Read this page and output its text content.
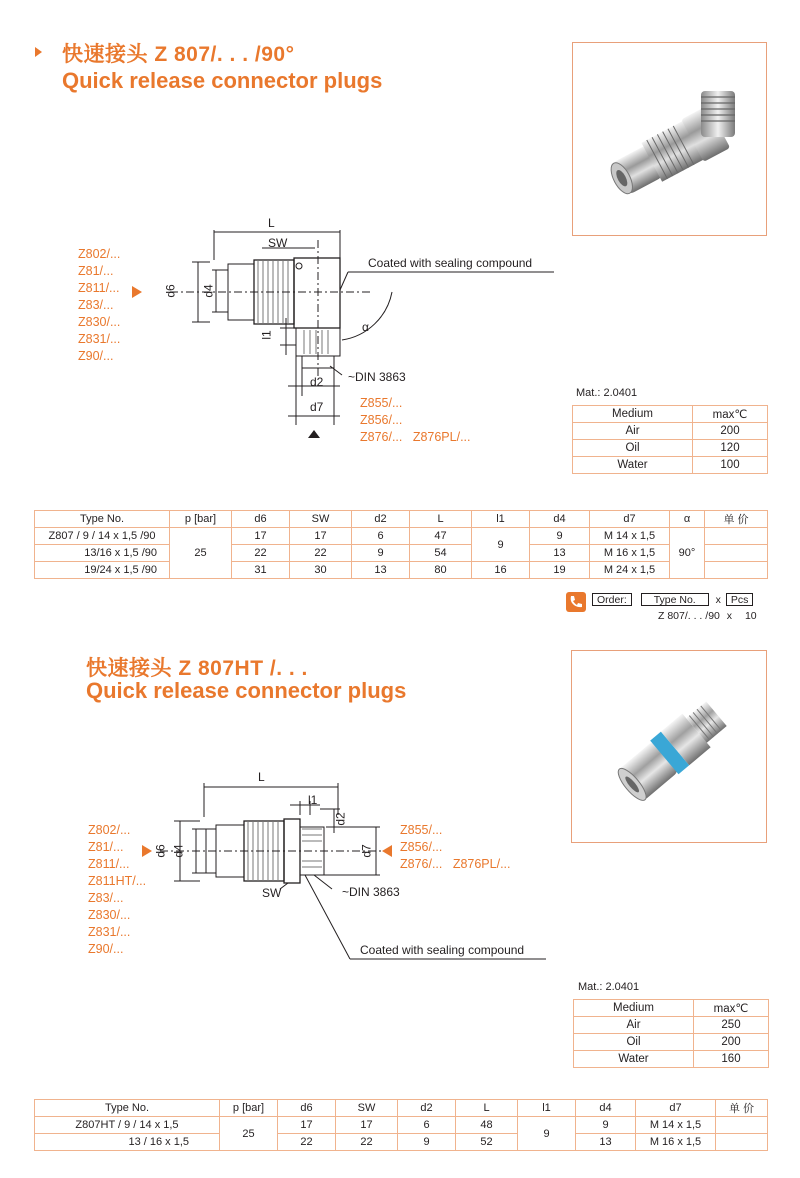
快速接头 Z 807/. . . /90°
Quick release connector plugs
L
SW
d6 d4
l1
d2
d7
α
~DIN 3863
Coated with sealing compound
Z802/...
Z81/...
Z811/...
Z83/...
Z830/...
Z831/...
Z90/...
Z855/...
Z856/...
Z876/... Z876PL/...
Mat.: 2.0401
Medium	max℃
Air	200
Oil	120
Water	100
Type No.	p [bar]	d6	SW	d2	L	l1	d4	d7	α	单 价
Z807 / 9 / 14 x 1,5 /90	25	17	17	6	47	9	9	M 14 x 1,5	90°	
13/16 x 1,5 /90		22	22	9	54		13	M 16 x 1,5		
19/24 x 1,5 /90		31	30	13	80	16	19	M 24 x 1,5		
Order:	Type No. x Pcs
Z 807/. . . /90 x 10
快速接头 Z 807HT /. . .
Quick release connector plugs
L
l1
d2
d6 d4	d7
SW	~DIN 3863
Coated with sealing compound
Z802/...
Z81/...
Z811/...
Z811HT/...
Z83/...
Z830/...
Z831/...
Z90/...
Z855/...
Z856/...
Z876/... Z876PL/...
Mat.: 2.0401
Medium	max℃
Air	250
Oil	200
Water	160
Type No.	p [bar]	d6	SW	d2	L	l1	d4	d7	单 价
Z807HT / 9 / 14 x 1,5	25	17	17	6	48	9	9	M 14 x 1,5	
13 / 16 x 1,5		22	22	9	52		13	M 16 x 1,5	
